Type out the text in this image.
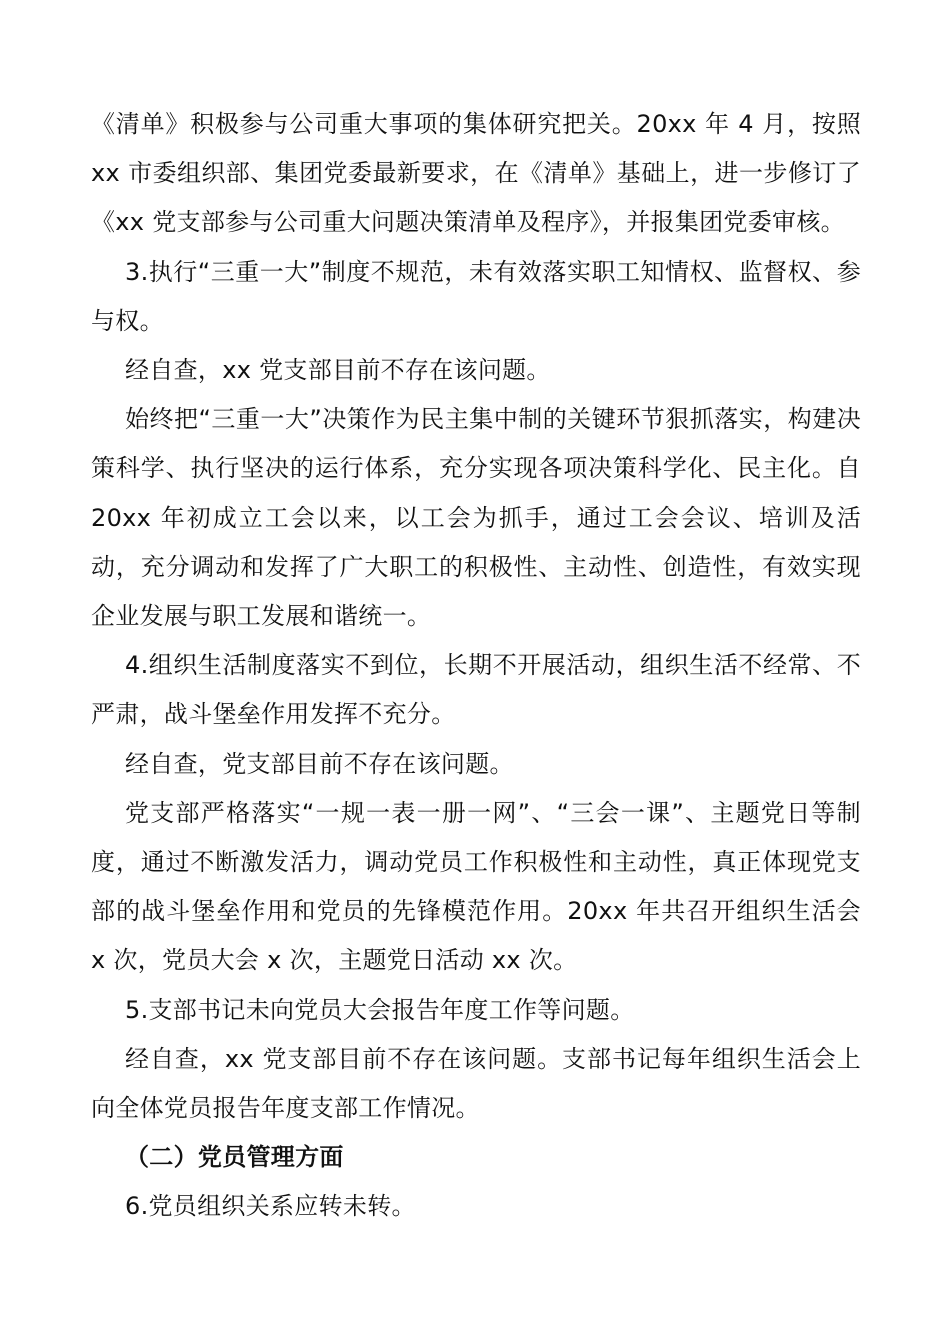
《清单》积极参与公司重大事项的集体研究把关。20xx 年 4 月，按照 xx 市委组织部、集团党委最新要求，在《清单》基础上，进一步修订了《xx 党支部参与公司重大问题决策清单及程序》，并报集团党委审核。

3.执行“三重一大”制度不规范，未有效落实职工知情权、监督权、参与权。

经自查，xx 党支部目前不存在该问题。

始终把“三重一大”决策作为民主集中制的关键环节狠抓落实，构建决策科学、执行坚决的运行体系，充分实现各项决策科学化、民主化。自 20xx 年初成立工会以来，以工会为抓手，通过工会会议、培训及活动，充分调动和发挥了广大职工的积极性、主动性、创造性，有效实现企业发展与职工发展和谐统一。

4.组织生活制度落实不到位，长期不开展活动，组织生活不经常、不严肃，战斗堡垒作用发挥不充分。

经自查，党支部目前不存在该问题。

党支部严格落实“一规一表一册一网”、“三会一课”、主题党日等制度，通过不断激发活力，调动党员工作积极性和主动性，真正体现党支部的战斗堡垒作用和党员的先锋模范作用。20xx 年共召开组织生活会 x 次，党员大会 x 次，主题党日活动 xx 次。

5.支部书记未向党员大会报告年度工作等问题。

经自查，xx 党支部目前不存在该问题。支部书记每年组织生活会上向全体党员报告年度支部工作情况。

（二）党员管理方面

6.党员组织关系应转未转。
